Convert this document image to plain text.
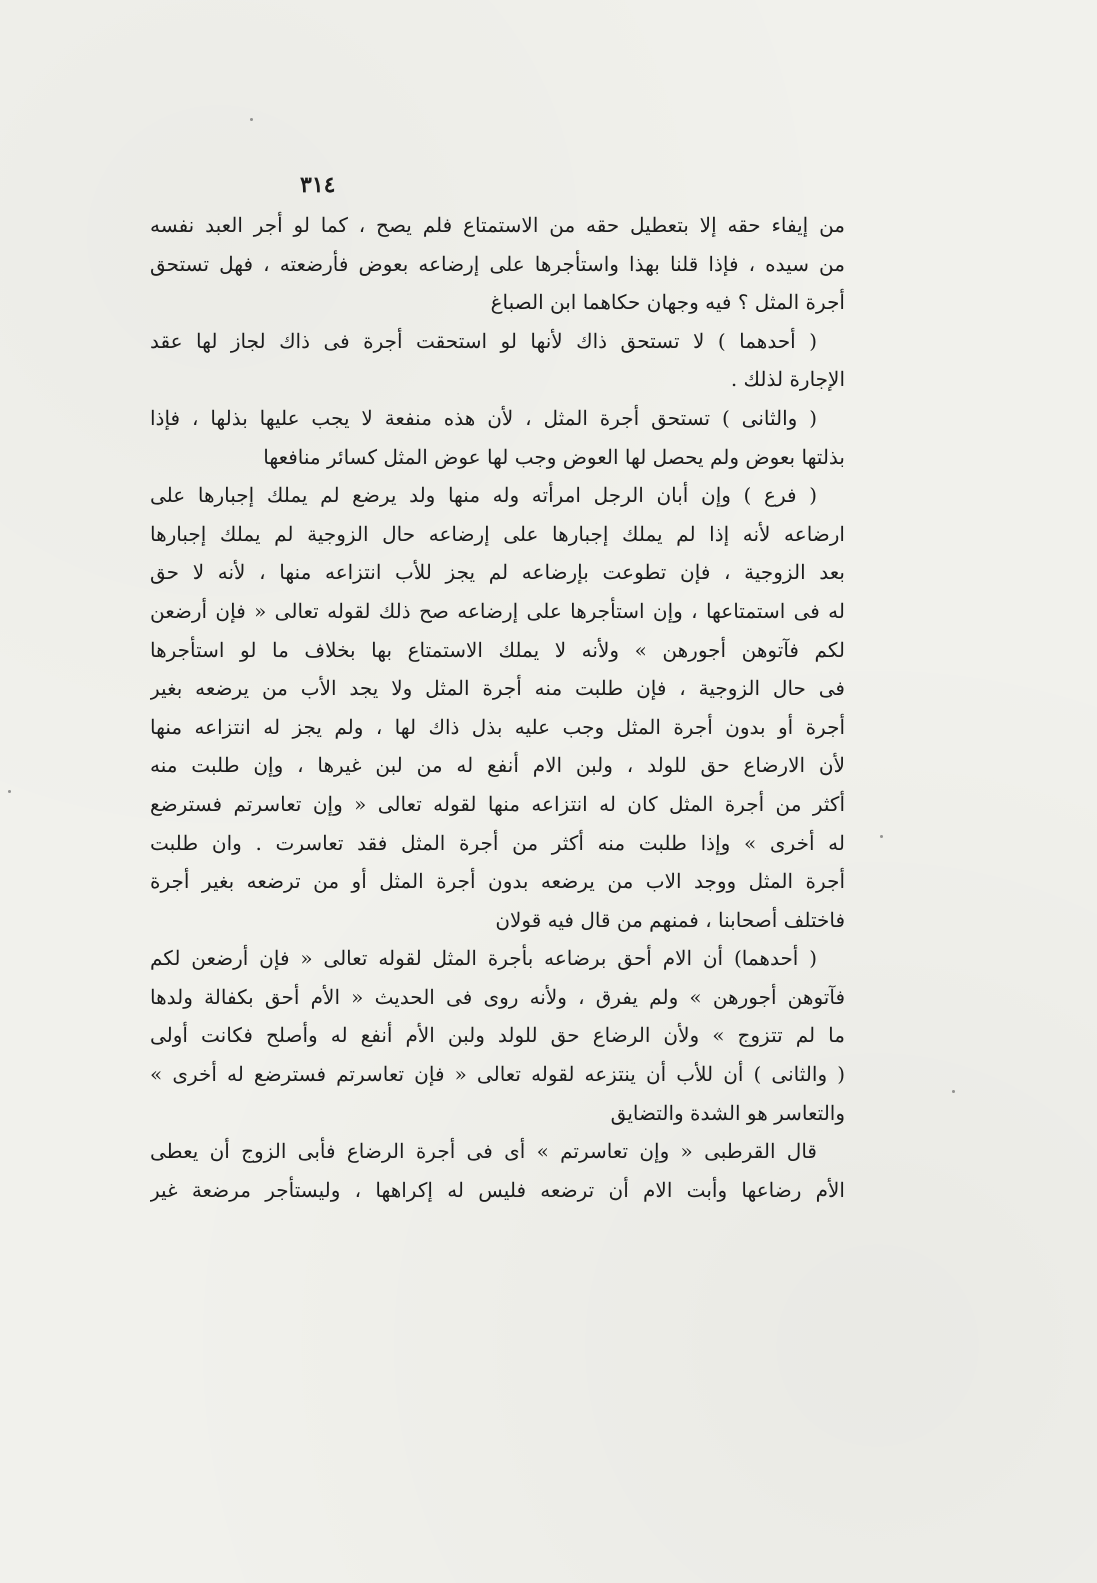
٣١٤
من إيفاء حقه إلا بتعطيل حقه من الاستمتاع فلم يصح ، كما لو أجر العبد نفسه
من سيده ، فإذا قلنا بهذا واستأجرها على إرضاعه بعوض فأرضعته ، فهل تستحق
أجرة المثل ؟ فيه وجهان حكاهما ابن الصباغ
( أحدهما ) لا تستحق ذاك لأنها لو استحقت أجرة فى ذاك لجاز لها عقد
الإجارة لذلك .
( والثانى ) تستحق أجرة المثل ، لأن هذه منفعة لا يجب عليها بذلها ، فإذا
بذلتها بعوض ولم يحصل لها العوض وجب لها عوض المثل كسائر منافعها
( فرع ) وإن أبان الرجل امرأته وله منها ولد يرضع لم يملك إجبارها على
ارضاعه لأنه إذا لم يملك إجبارها على إرضاعه حال الزوجية لم يملك إجبارها
بعد الزوجية ، فإن تطوعت بإرضاعه لم يجز للأب انتزاعه منها ، لأنه لا حق
له فى استمتاعها ، وإن استأجرها على إرضاعه صح ذلك لقوله تعالى « فإن أرضعن
لكم فآتوهن أجورهن » ولأنه لا يملك الاستمتاع بها بخلاف ما لو استأجرها
فى حال الزوجية ، فإن طلبت منه أجرة المثل ولا يجد الأب من يرضعه بغير
أجرة أو بدون أجرة المثل وجب عليه بذل ذاك لها ، ولم يجز له انتزاعه منها
لأن الارضاع حق للولد ، ولبن الام أنفع له من لبن غيرها ، وإن طلبت منه
أكثر من أجرة المثل كان له انتزاعه منها لقوله تعالى « وإن تعاسرتم فسترضع
له أخرى » وإذا طلبت منه أكثر من أجرة المثل فقد تعاسرت . وان طلبت
أجرة المثل ووجد الاب من يرضعه بدون أجرة المثل أو من ترضعه بغير أجرة
فاختلف أصحابنا ، فمنهم من قال فيه قولان
( أحدهما) أن الام أحق برضاعه بأجرة المثل لقوله تعالى « فإن أرضعن لكم
فآتوهن أجورهن » ولم يفرق ، ولأنه روى فى الحديث « الأم أحق بكفالة ولدها
ما لم تتزوج » ولأن الرضاع حق للولد ولبن الأم أنفع له وأصلح فكانت أولى
( والثانى ) أن للأب أن ينتزعه لقوله تعالى « فإن تعاسرتم فسترضع له أخرى »
والتعاسر هو الشدة والتضايق
قال القرطبى « وإن تعاسرتم » أى فى أجرة الرضاع فأبى الزوج أن يعطى
الأم رضاعها وأبت الام أن ترضعه فليس له إكراهها ، وليستأجر مرضعة غير
